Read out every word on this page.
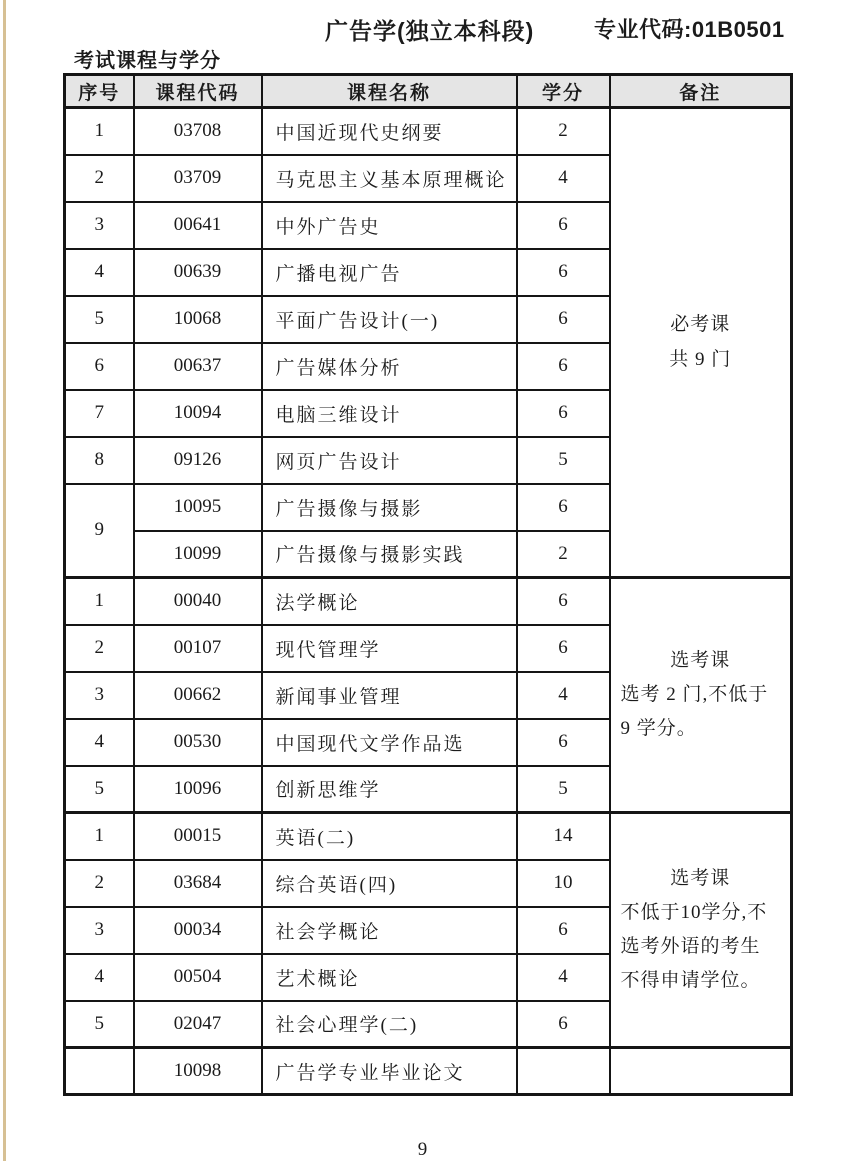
广告学(独立本科段)	专业代码:01B0501
考试课程与学分
序号	课程代码	课程名称	学分	备注
1	03708	中国近现代史纲要	2	必考课
共 9 门

2	03709	马克思主义基本原理概论	4	
3	00641	中外广告史	6	
4	00639	广播电视广告	6	
5	10068	平面广告设计(一)	6	
6	00637	广告媒体分析	6	
7	10094	电脑三维设计	6	
8	09126	网页广告设计	5	
9	10095	广告摄像与摄影	6	
	10099	广告摄像与摄影实践	2	
1	00040	法学概论	6	选考课
选考 2 门,不低于 9 学分。

2	00107	现代管理学	6	
3	00662	新闻事业管理	4	
4	00530	中国现代文学作品选	6	
5	10096	创新思维学	5	
1	00015	英语(二)	14	选考课
不低于10学分,不选考外语的考生不得申请学位。

2	03684	综合英语(四)	10	
3	00034	社会学概论	6	
4	00504	艺术概论	4	
5	02047	社会心理学(二)	6	
	10098	广告学专业毕业论文		
9
